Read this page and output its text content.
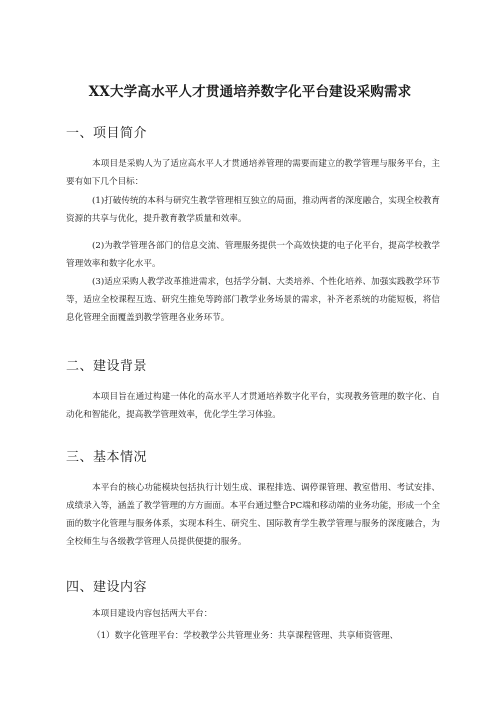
XX大学高水平人才贯通培养数字化平台建设采购需求
一、项目简介

本项目是采购人为了适应高水平人才贯通培养管理的需要而建立的教学管理与服务平台，主要有如下几个目标：

(1)打破传统的本科与研究生教学管理相互独立的局面，推动两者的深度融合，实现全校教育资源的共享与优化，提升教育教学质量和效率。

(2)为教学管理各部门的信息交流、管理服务提供一个高效快捷的电子化平台，提高学校教学管理效率和数字化水平。

(3)适应采购人教学改革推进需求，包括学分制、大类培养、个性化培养、加强实践教学环节等，适应全校课程互选、研究生推免等跨部门教学业务场景的需求，补齐老系统的功能短板，将信息化管理全面覆盖到教学管理各业务环节。

二、建设背景

本项目旨在通过构建一体化的高水平人才贯通培养数字化平台，实现教务管理的数字化、自动化和智能化，提高教学管理效率，优化学生学习体验。

三、基本情况

本平台的核心功能模块包括执行计划生成、课程排选、调停课管理、教室借用、考试安排、成绩录入等，涵盖了教学管理的方方面面。本平台通过整合PC端和移动端的业务功能，形成一个全面的数字化管理与服务体系，实现本科生、研究生、国际教育学生教学管理与服务的深度融合，为全校师生与各级教学管理人员提供便捷的服务。

四、建设内容

本项目建设内容包括两大平台：

（1）数字化管理平台：学校教学公共管理业务：共享课程管理、共享师资管理、
